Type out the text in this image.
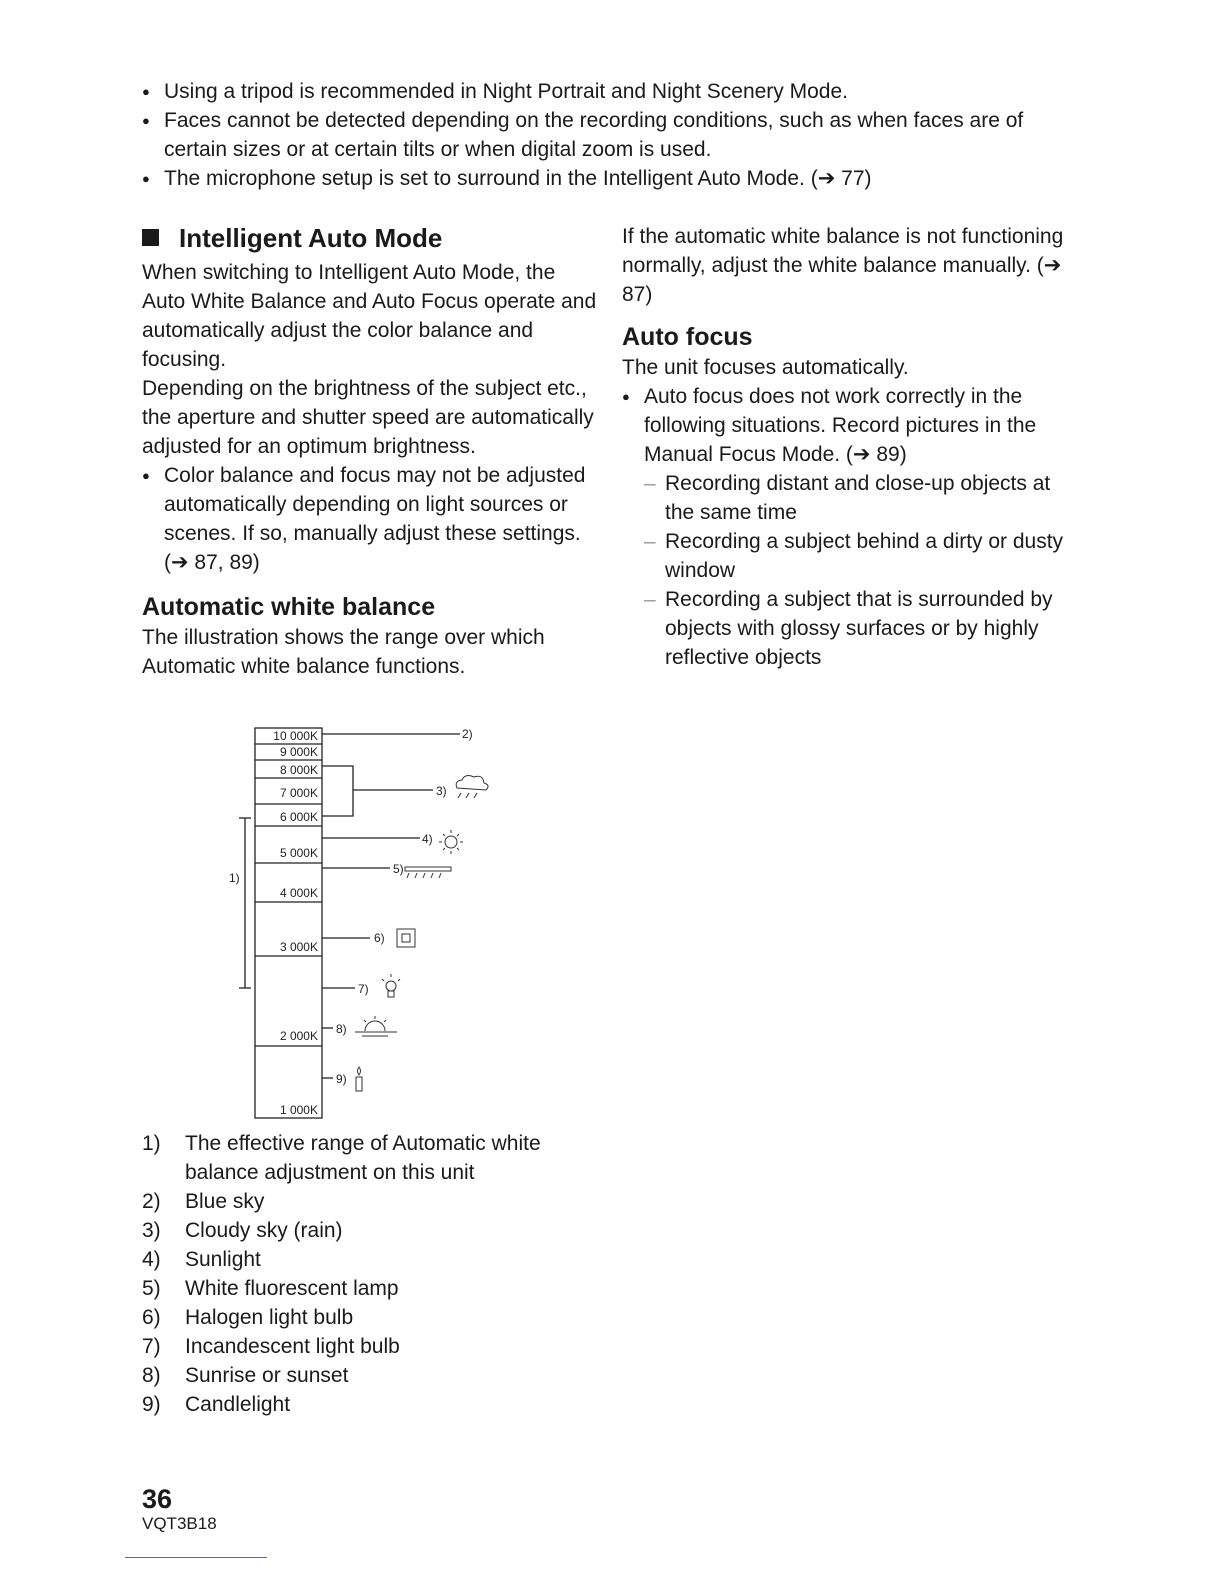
● Using a tripod is recommended in Night Portrait and Night Scenery Mode.
● Faces cannot be detected depending on the recording conditions, such as when faces are of certain sizes or at certain tilts or when digital zoom is used.
● The microphone setup is set to surround in the Intelligent Auto Mode. (➔ 77)
Intelligent Auto Mode

When switching to Intelligent Auto Mode, the Auto White Balance and Auto Focus operate and automatically adjust the color balance and focusing.

Depending on the brightness of the subject etc., the aperture and shutter speed are automatically adjusted for an optimum brightness.

● Color balance and focus may not be adjusted automatically depending on light sources or scenes. If so, manually adjust these settings. (➔ 87, 89)
Automatic white balance

The illustration shows the range over which Automatic white balance functions.

1) The effective range of Automatic white balance adjustment on this unit
2) Blue sky
3) Cloudy sky (rain)
4) Sunlight
5) White fluorescent lamp
6) Halogen light bulb
7) Incandescent light bulb
8) Sunrise or sunset
9) Candlelight
10 000K
9 000K
8 000K
7 000K
6 000K
5 000K
4 000K
3 000K
2 000K
1 000K
1)
2)
3)
4)
5)
6)
7)
8)
9)

If the automatic white balance is not functioning normally, adjust the white balance manually. (➔ 87)

Auto focus

The unit focuses automatically.

● Auto focus does not work correctly in the following situations. Record pictures in the Manual Focus Mode. (➔ 89)
– Recording distant and close-up objects at the same time
– Recording a subject behind a dirty or dusty window
– Recording a subject that is surrounded by objects with glossy surfaces or by highly reflective objects
36
VQT3B18
